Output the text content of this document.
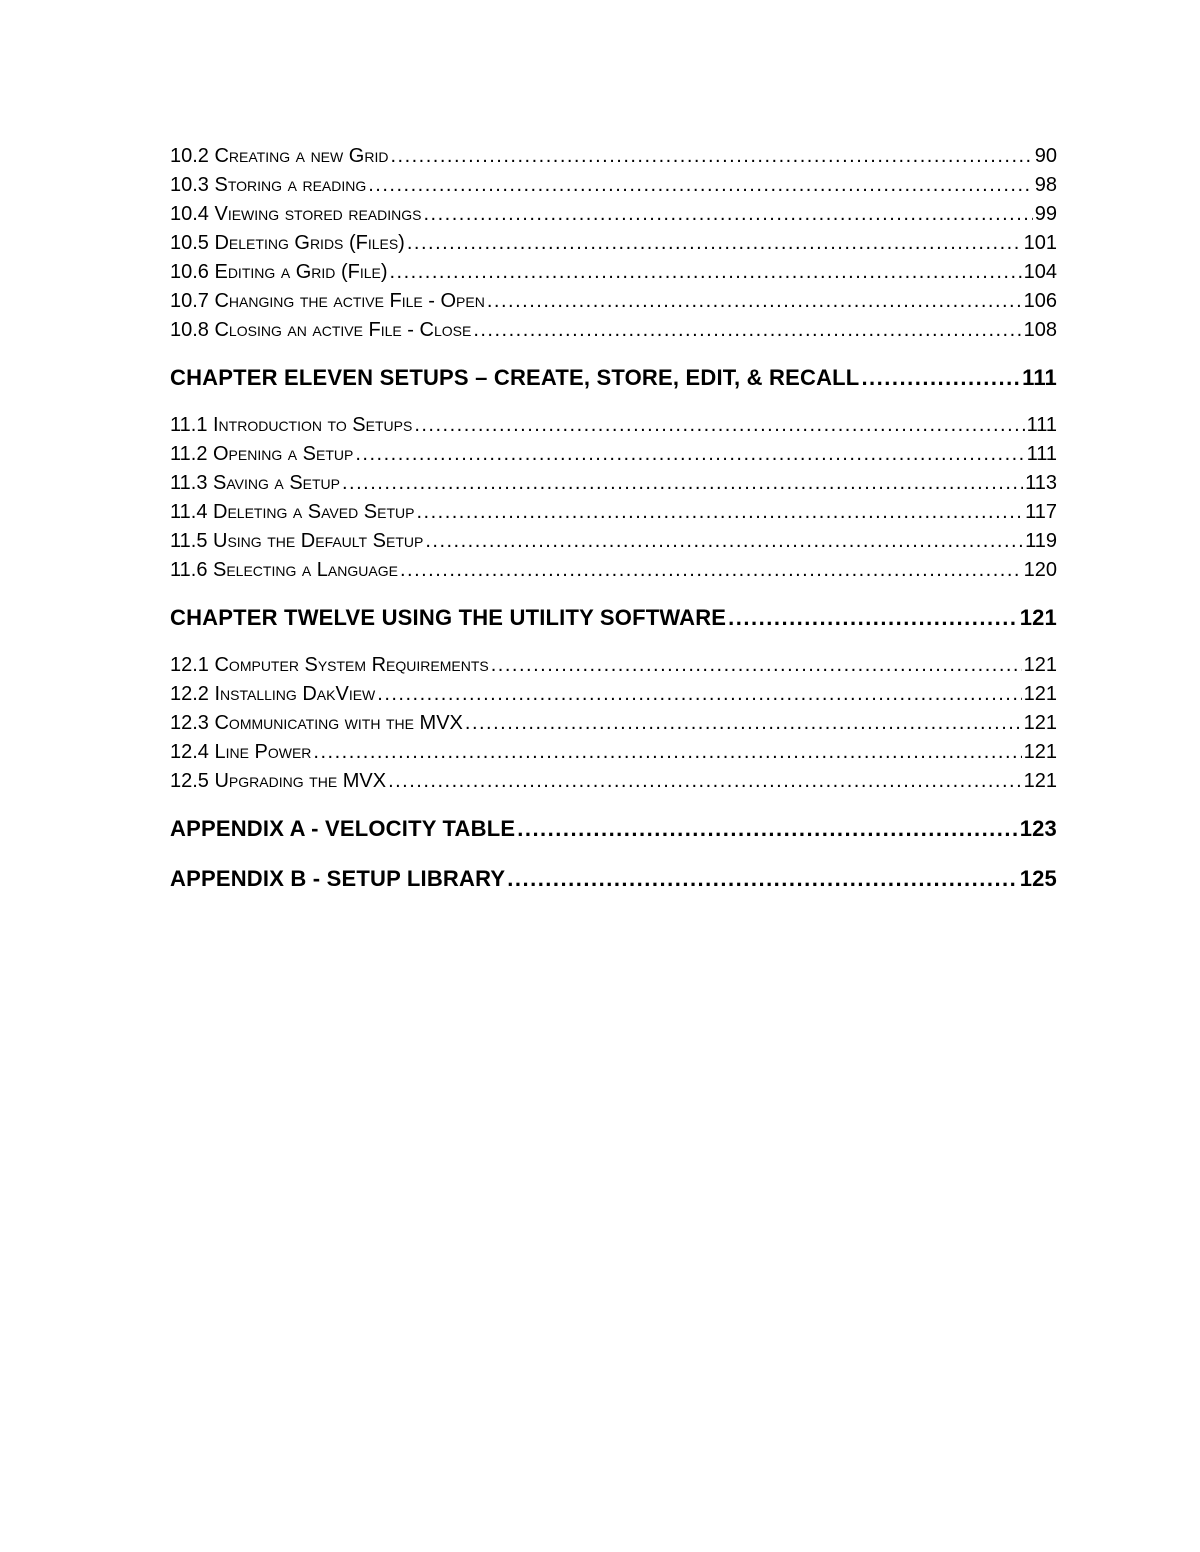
10.2 Creating a new Grid .....	90
10.3 Storing a reading .....	98
10.4 Viewing stored readings .....	99
10.5 Deleting Grids (Files) .....	101
10.6 Editing a Grid (File) .....	104
10.7 Changing the active File - Open .....	106
10.8 Closing an active File - Close .....	108
CHAPTER ELEVEN SETUPS – CREATE, STORE, EDIT, & RECALL .....	111
11.1 Introduction to Setups .....	111
11.2 Opening a Setup .....	111
11.3 Saving a Setup .....	113
11.4 Deleting a Saved Setup .....	117
11.5 Using the Default Setup .....	119
11.6 Selecting a Language .....	120
CHAPTER TWELVE USING THE UTILITY SOFTWARE .....	121
12.1 Computer System Requirements .....	121
12.2 Installing DakView .....	121
12.3 Communicating with the MVX .....	121
12.4 Line Power .....	121
12.5 Upgrading the MVX .....	121
APPENDIX A - VELOCITY TABLE .....	123
APPENDIX B - SETUP LIBRARY .....	125
